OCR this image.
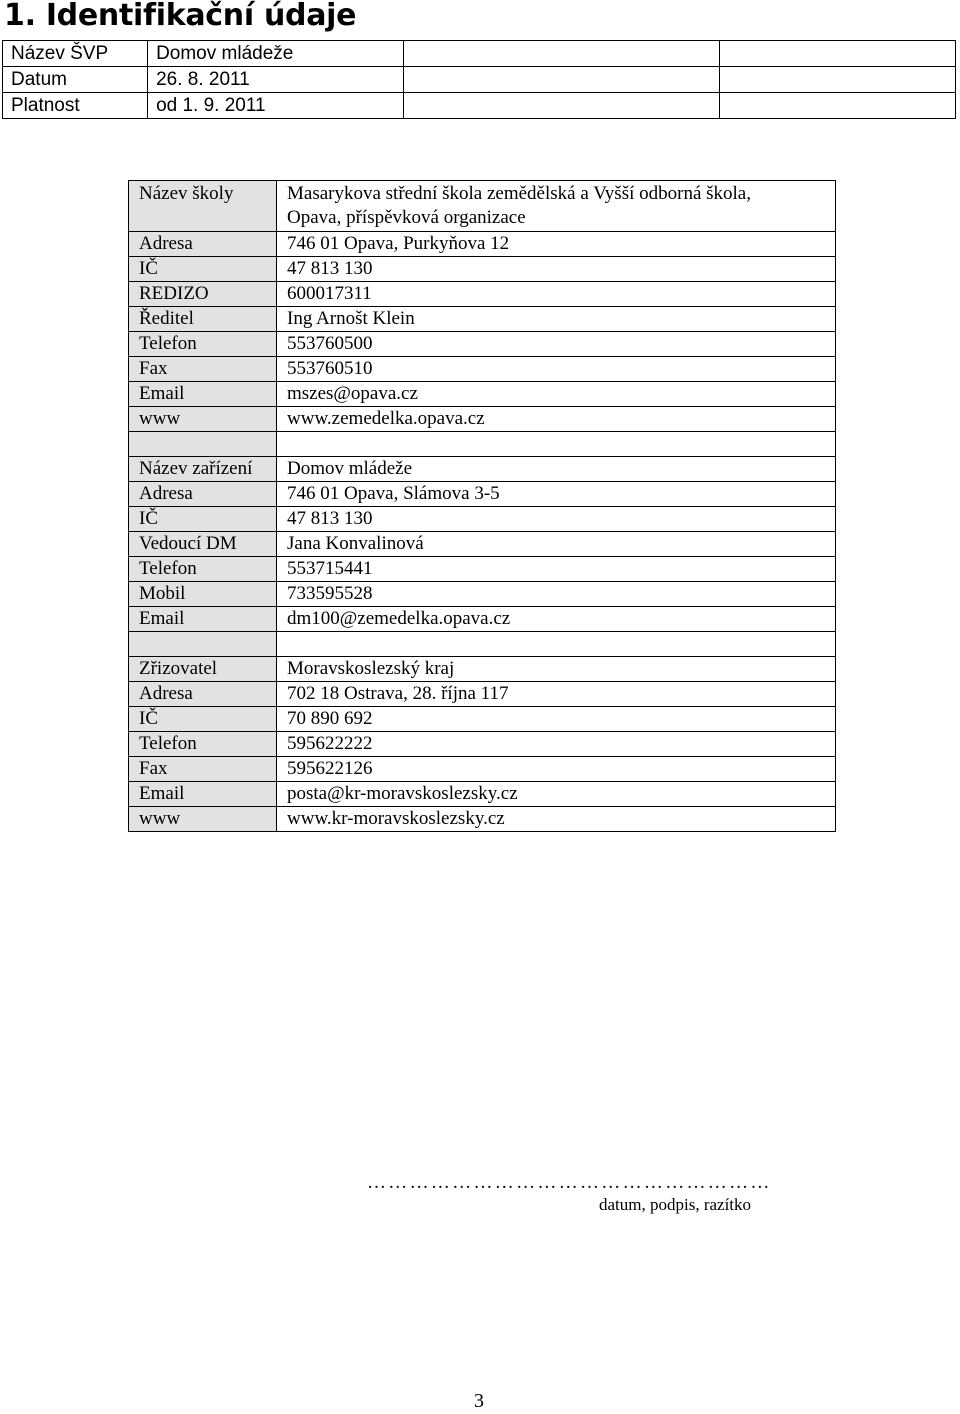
1. Identifikační údaje
Název ŠVP	Domov mládeže		
Datum	26. 8. 2011		
Platnost	od 1. 9. 2011		
Název školy	Masarykova střední škola zemědělská a Vyšší odborná škola,
Opava, příspěvková organizace

Adresa	746 01 Opava, Purkyňova 12
IČ	47 813 130
REDIZO	600017311
Ředitel	Ing Arnošt Klein
Telefon	553760500
Fax	553760510
Email	mszes@opava.cz
www	www.zemedelka.opava.cz

Název zařízení	Domov mládeže
Adresa	746 01 Opava, Slámova 3-5
IČ	47 813 130
Vedoucí DM	Jana Konvalinová
Telefon	553715441
Mobil	733595528
Email	dm100@zemedelka.opava.cz

Zřizovatel	Moravskoslezský kraj
Adresa	702 18 Ostrava, 28. října 117
IČ	70 890 692
Telefon	595622222
Fax	595622126
Email	posta@kr-moravskoslezsky.cz
www	www.kr-moravskoslezsky.cz
…………………………………………………
datum, podpis, razítko
3
